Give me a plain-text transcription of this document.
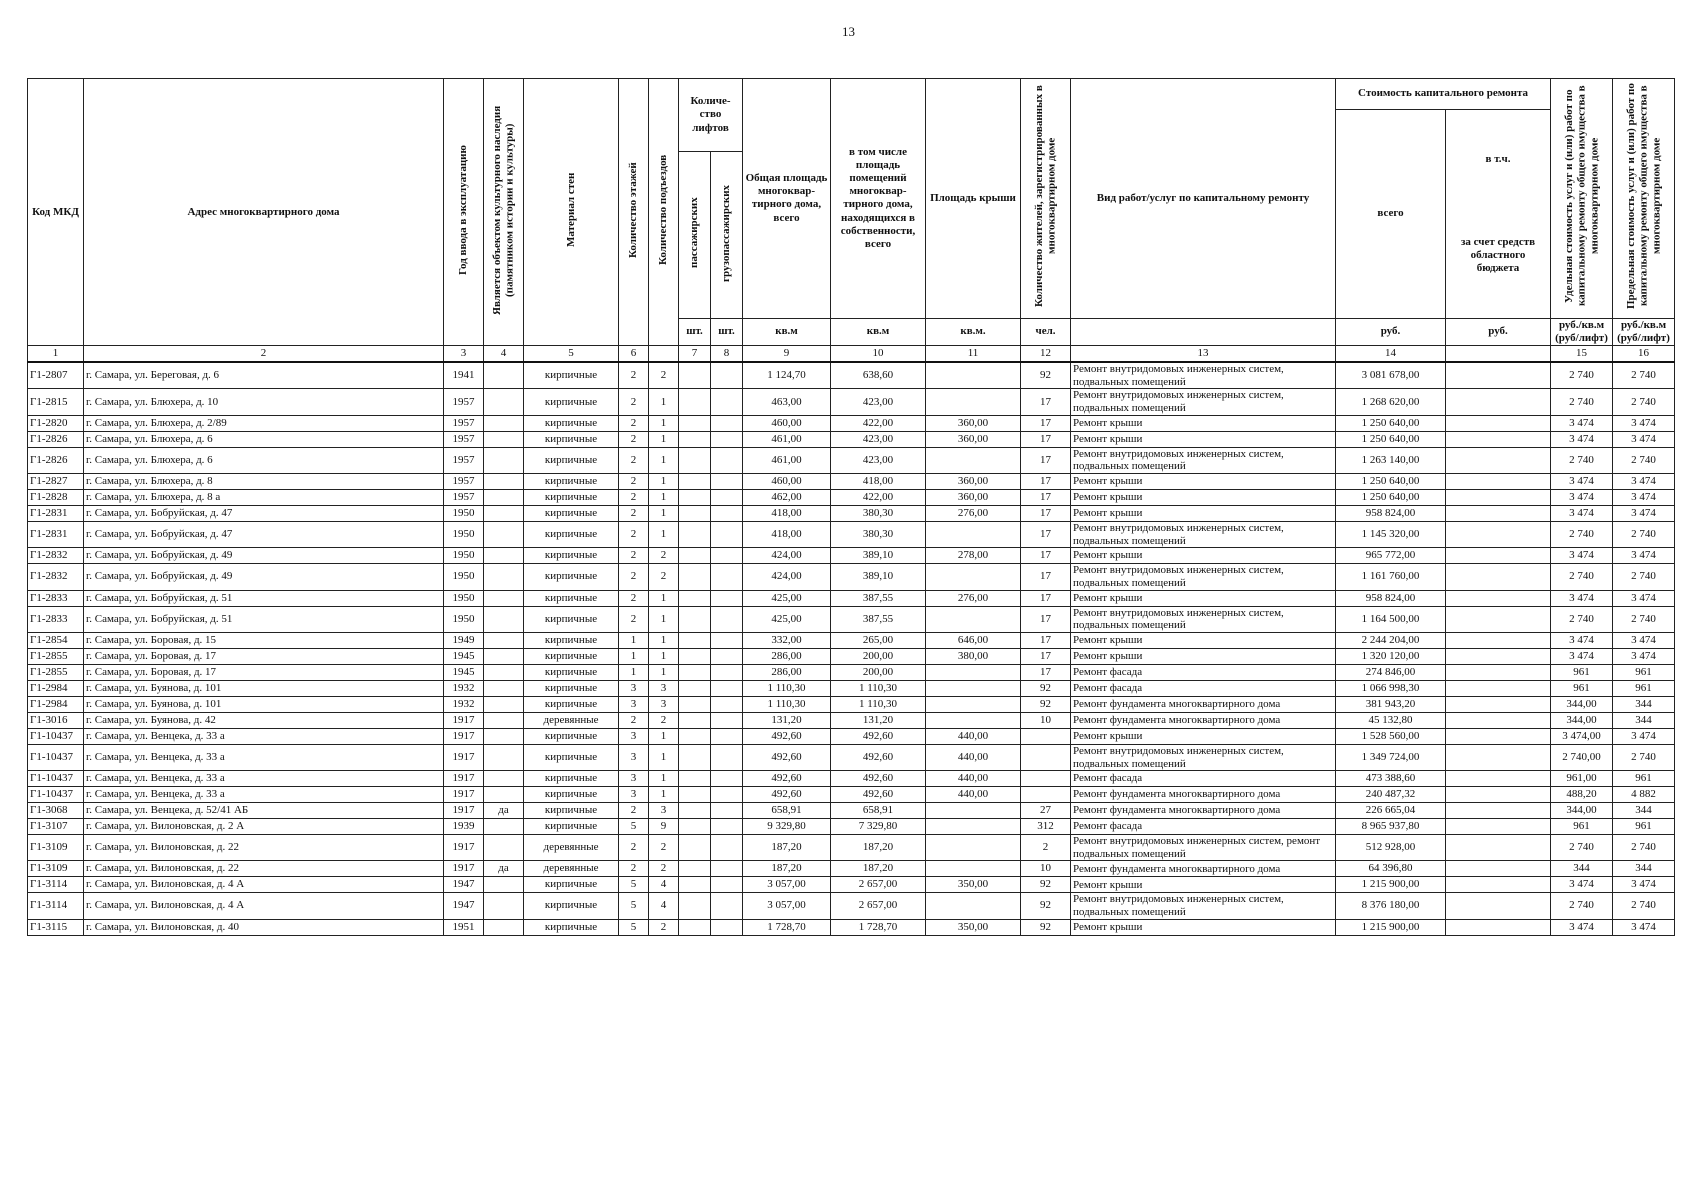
13
Код МКД	Адрес многоквартирного дома	Год ввода в эксплуатацию	Является объектом культурного наследия (памятником истории и культуры)	Материал стен	Количество этажей	Количество подъездов	Количе-ство лифтов		Общая площадь многоквар-тирного дома, всего	в том числе площадь помещений многоквар-тирного дома, находящихся в собственности, всего	Площадь крыши	Количество жителей, зарегистрированных в многоквартирном доме	Вид работ/услуг по капитальному ремонту	Стоимость капитального ремонта		Удельная стоимость услуг и (или) работ по капитальному ремонту общего имущества в многоквартирном доме	Предельная стоимость услуг и (или) работ по капитальному ремонту общего имущества в многоквартирном доме
														всего	в т.ч.
за счет средств областного бюджета		
							пассажирских	грузопассажирских									
							шт.	шт.	кв.м	кв.м	кв.м.	чел.		руб.	руб.	руб./кв.м (руб/лифт)	руб./кв.м (руб/лифт)
1	2	3	4	5	6		7	8	9	10	11	12	13	14		15	16
Г1-2807	г. Самара, ул. Береговая, д. 6	1941		кирпичные	2	2			1 124,70	638,60		92	Ремонт внутридомовых инженерных систем, подвальных помещений	3 081 678,00		2 740	2 740
Г1-2815	г. Самара, ул. Блюхера, д. 10	1957		кирпичные	2	1			463,00	423,00		17	Ремонт внутридомовых инженерных систем, подвальных помещений	1 268 620,00		2 740	2 740
Г1-2820	г. Самара, ул. Блюхера, д. 2/89	1957		кирпичные	2	1			460,00	422,00	360,00	17	Ремонт крыши	1 250 640,00		3 474	3 474
Г1-2826	г. Самара, ул. Блюхера, д. 6	1957		кирпичные	2	1			461,00	423,00	360,00	17	Ремонт крыши	1 250 640,00		3 474	3 474
Г1-2826	г. Самара, ул. Блюхера, д. 6	1957		кирпичные	2	1			461,00	423,00		17	Ремонт внутридомовых инженерных систем, подвальных помещений	1 263 140,00		2 740	2 740
Г1-2827	г. Самара, ул. Блюхера, д. 8	1957		кирпичные	2	1			460,00	418,00	360,00	17	Ремонт крыши	1 250 640,00		3 474	3 474
Г1-2828	г. Самара, ул. Блюхера, д. 8 а	1957		кирпичные	2	1			462,00	422,00	360,00	17	Ремонт крыши	1 250 640,00		3 474	3 474
Г1-2831	г. Самара, ул. Бобруйская, д. 47	1950		кирпичные	2	1			418,00	380,30	276,00	17	Ремонт крыши	958 824,00		3 474	3 474
Г1-2831	г. Самара, ул. Бобруйская, д. 47	1950		кирпичные	2	1			418,00	380,30		17	Ремонт внутридомовых инженерных систем, подвальных помещений	1 145 320,00		2 740	2 740
Г1-2832	г. Самара, ул. Бобруйская, д. 49	1950		кирпичные	2	2			424,00	389,10	278,00	17	Ремонт крыши	965 772,00		3 474	3 474
Г1-2832	г. Самара, ул. Бобруйская, д. 49	1950		кирпичные	2	2			424,00	389,10		17	Ремонт внутридомовых инженерных систем, подвальных помещений	1 161 760,00		2 740	2 740
Г1-2833	г. Самара, ул. Бобруйская, д. 51	1950		кирпичные	2	1			425,00	387,55	276,00	17	Ремонт крыши	958 824,00		3 474	3 474
Г1-2833	г. Самара, ул. Бобруйская, д. 51	1950		кирпичные	2	1			425,00	387,55		17	Ремонт внутридомовых инженерных систем, подвальных помещений	1 164 500,00		2 740	2 740
Г1-2854	г. Самара, ул. Боровая, д. 15	1949		кирпичные	1	1			332,00	265,00	646,00	17	Ремонт крыши	2 244 204,00		3 474	3 474
Г1-2855	г. Самара, ул. Боровая, д. 17	1945		кирпичные	1	1			286,00	200,00	380,00	17	Ремонт крыши	1 320 120,00		3 474	3 474
Г1-2855	г. Самара, ул. Боровая, д. 17	1945		кирпичные	1	1			286,00	200,00		17	Ремонт фасада	274 846,00		961	961
Г1-2984	г. Самара, ул. Буянова, д. 101	1932		кирпичные	3	3			1 110,30	1 110,30		92	Ремонт фасада	1 066 998,30		961	961
Г1-2984	г. Самара, ул. Буянова, д. 101	1932		кирпичные	3	3			1 110,30	1 110,30		92	Ремонт фундамента многоквартирного дома	381 943,20		344,00	344
Г1-3016	г. Самара, ул. Буянова, д. 42	1917		деревянные	2	2			131,20	131,20		10	Ремонт фундамента многоквартирного дома	45 132,80		344,00	344
Г1-10437	г. Самара, ул. Венцека, д. 33 а	1917		кирпичные	3	1			492,60	492,60	440,00		Ремонт крыши	1 528 560,00		3 474,00	3 474
Г1-10437	г. Самара, ул. Венцека, д. 33 а	1917		кирпичные	3	1			492,60	492,60	440,00		Ремонт внутридомовых инженерных систем, подвальных помещений	1 349 724,00		2 740,00	2 740
Г1-10437	г. Самара, ул. Венцека, д. 33 а	1917		кирпичные	3	1			492,60	492,60	440,00		Ремонт фасада	473 388,60		961,00	961
Г1-10437	г. Самара, ул. Венцека, д. 33 а	1917		кирпичные	3	1			492,60	492,60	440,00		Ремонт фундамента многоквартирного дома	240 487,32		488,20	4 882
Г1-3068	г. Самара, ул. Венцека, д. 52/41 АБ	1917	да	кирпичные	2	3			658,91	658,91		27	Ремонт фундамента многоквартирного дома	226 665,04		344,00	344
Г1-3107	г. Самара, ул. Вилоновская, д. 2 А	1939		кирпичные	5	9			9 329,80	7 329,80		312	Ремонт фасада	8 965 937,80		961	961
Г1-3109	г. Самара, ул. Вилоновская, д. 22	1917		деревянные	2	2			187,20	187,20		2	Ремонт внутридомовых инженерных систем, ремонт подвальных помещений	512 928,00		2 740	2 740
Г1-3109	г. Самара, ул. Вилоновская, д. 22	1917	да	деревянные	2	2			187,20	187,20		10	Ремонт фундамента многоквартирного дома	64 396,80		344	344
Г1-3114	г. Самара, ул. Вилоновская, д. 4 А	1947		кирпичные	5	4			3 057,00	2 657,00	350,00	92	Ремонт крыши	1 215 900,00		3 474	3 474
Г1-3114	г. Самара, ул. Вилоновская, д. 4 А	1947		кирпичные	5	4			3 057,00	2 657,00		92	Ремонт внутридомовых инженерных систем, подвальных помещений	8 376 180,00		2 740	2 740
Г1-3115	г. Самара, ул. Вилоновская, д. 40	1951		кирпичные	5	2			1 728,70	1 728,70	350,00	92	Ремонт крыши	1 215 900,00		3 474	3 474
